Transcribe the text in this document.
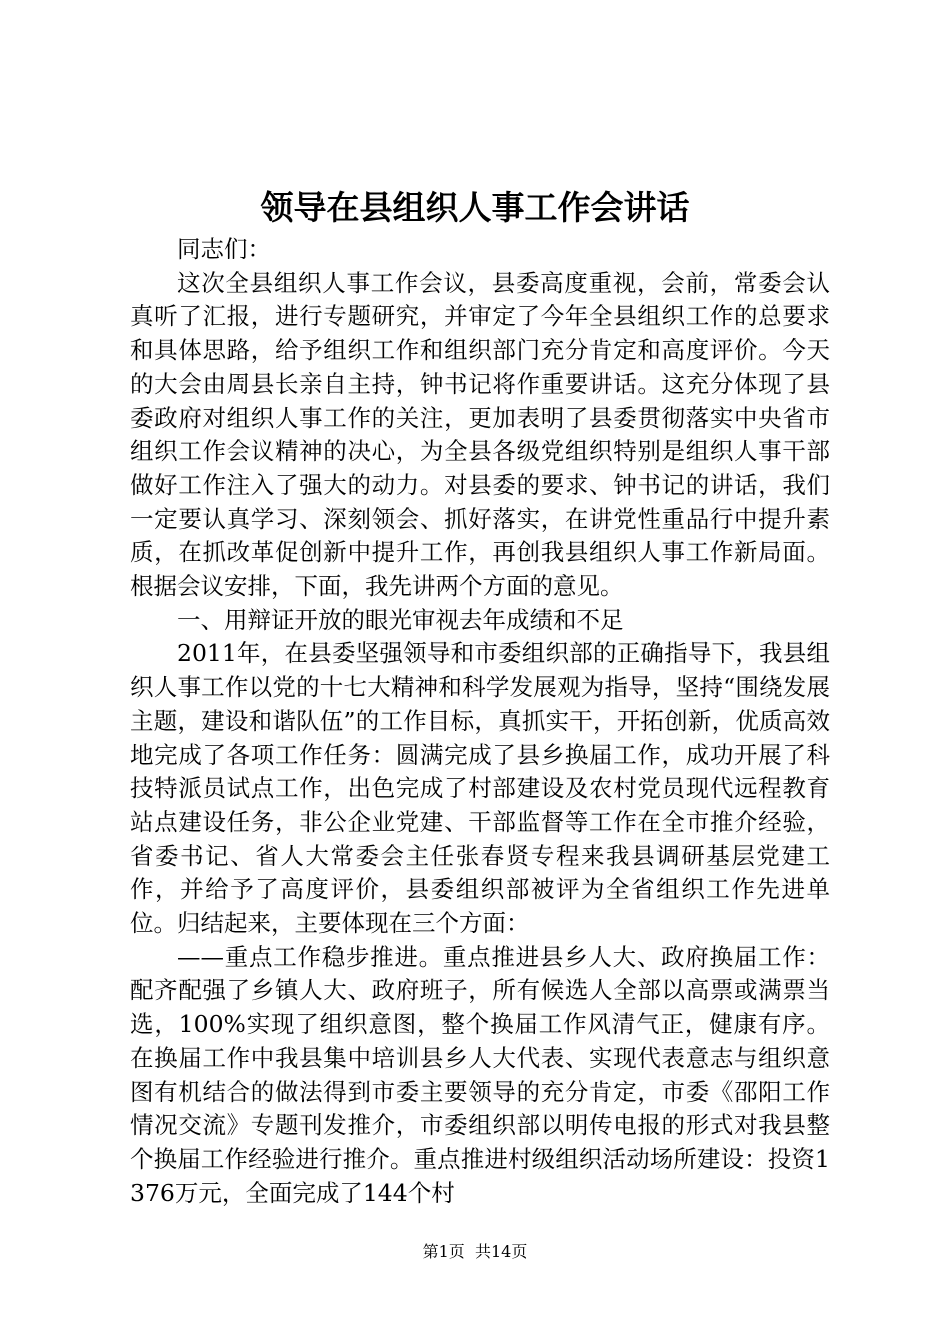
领导在县组织人事工作会讲话

同志们：

这次全县组织人事工作会议，县委高度重视，会前，常委会认真听了汇报，进行专题研究，并审定了今年全县组织工作的总要求和具体思路，给予组织工作和组织部门充分肯定和高度评价。今天的大会由周县长亲自主持，钟书记将作重要讲话。这充分体现了县委政府对组织人事工作的关注，更加表明了县委贯彻落实中央省市组织工作会议精神的决心，为全县各级党组织特别是组织人事干部做好工作注入了强大的动力。对县委的要求、钟书记的讲话，我们一定要认真学习、深刻领会、抓好落实，在讲党性重品行中提升素质，在抓改革促创新中提升工作，再创我县组织人事工作新局面。根据会议安排，下面，我先讲两个方面的意见。

一、用辩证开放的眼光审视去年成绩和不足

2011年，在县委坚强领导和市委组织部的正确指导下，我县组织人事工作以党的十七大精神和科学发展观为指导，坚持“围绕发展主题，建设和谐队伍”的工作目标，真抓实干，开拓创新，优质高效地完成了各项工作任务：圆满完成了县乡换届工作，成功开展了科技特派员试点工作，出色完成了村部建设及农村党员现代远程教育站点建设任务，非公企业党建、干部监督等工作在全市推介经验，省委书记、省人大常委会主任张春贤专程来我县调研基层党建工作，并给予了高度评价，县委组织部被评为全省组织工作先进单位。归结起来，主要体现在三个方面：

——重点工作稳步推进。重点推进县乡人大、政府换届工作：配齐配强了乡镇人大、政府班子，所有候选人全部以高票或满票当选，100%实现了组织意图，整个换届工作风清气正，健康有序。在换届工作中我县集中培训县乡人大代表、实现代表意志与组织意图有机结合的做法得到市委主要领导的充分肯定，市委《邵阳工作情况交流》专题刊发推介，市委组织部以明传电报的形式对我县整个换届工作经验进行推介。重点推进村级组织活动场所建设：投资1376万元，全面完成了144个村

第1页 共14页
